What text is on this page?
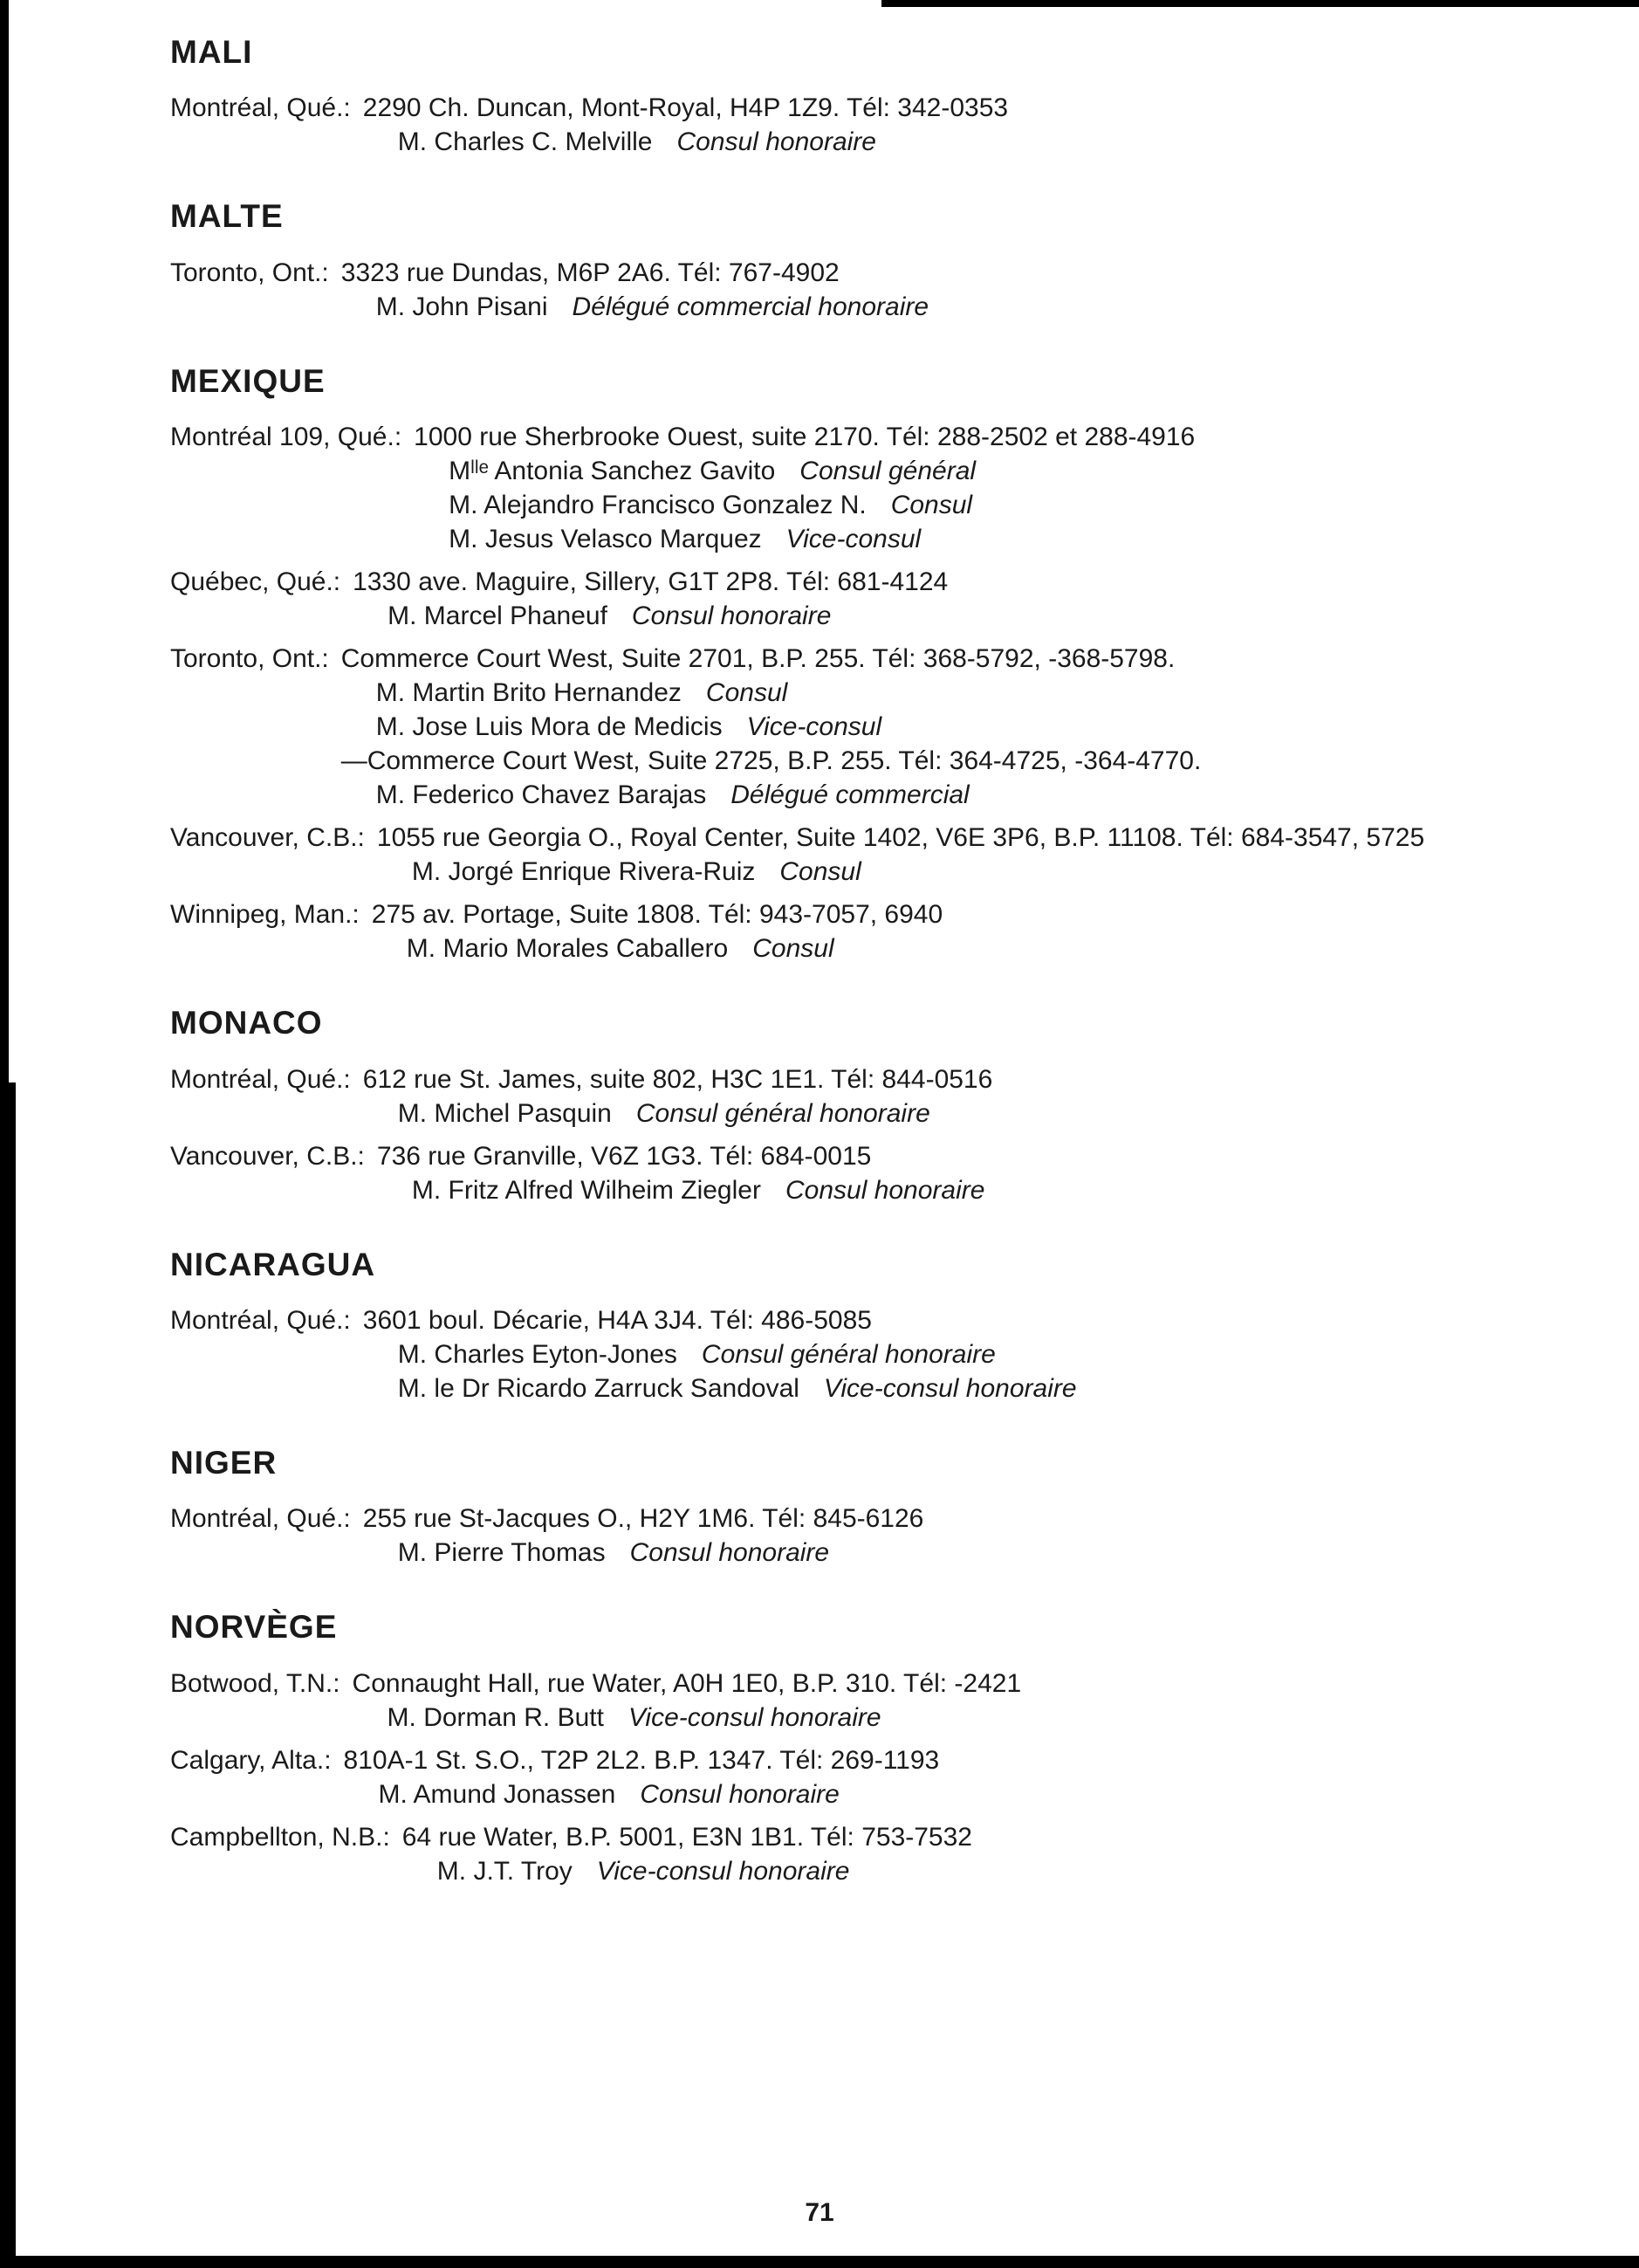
MALI
Montréal, Qué.: 2290 Ch. Duncan, Mont-Royal, H4P 1Z9. Tél: 342-0353
M. Charles C. Melville Consul honoraire
MALTE
Toronto, Ont.: 3323 rue Dundas, M6P 2A6. Tél: 767-4902
M. John Pisani Délégué commercial honoraire
MEXIQUE
Montréal 109, Qué.: 1000 rue Sherbrooke Ouest, suite 2170. Tél: 288-2502 et 288-4916
Mˡˡᵉ Antonia Sanchez Gavito Consul général
M. Alejandro Francisco Gonzalez N. Consul
M. Jesus Velasco Marquez Vice-consul
Québec, Qué.: 1330 ave. Maguire, Sillery, G1T 2P8. Tél: 681-4124
M. Marcel Phaneuf Consul honoraire
Toronto, Ont.: Commerce Court West, Suite 2701, B.P. 255. Tél: 368-5792, -368-5798.
M. Martin Brito Hernandez Consul
M. Jose Luis Mora de Medicis Vice-consul
—Commerce Court West, Suite 2725, B.P. 255. Tél: 364-4725, -364-4770.
M. Federico Chavez Barajas Délégué commercial
Vancouver, C.B.: 1055 rue Georgia O., Royal Center, Suite 1402, V6E 3P6, B.P. 11108. Tél: 684-3547, 5725
M. Jorgé Enrique Rivera-Ruiz Consul
Winnipeg, Man.: 275 av. Portage, Suite 1808. Tél: 943-7057, 6940
M. Mario Morales Caballero Consul
MONACO
Montréal, Qué.: 612 rue St. James, suite 802, H3C 1E1. Tél: 844-0516
M. Michel Pasquin Consul général honoraire
Vancouver, C.B.: 736 rue Granville, V6Z 1G3. Tél: 684-0015
M. Fritz Alfred Wilheim Ziegler Consul honoraire
NICARAGUA
Montréal, Qué.: 3601 boul. Décarie, H4A 3J4. Tél: 486-5085
M. Charles Eyton-Jones Consul général honoraire
M. le Dr Ricardo Zarruck Sandoval Vice-consul honoraire
NIGER
Montréal, Qué.: 255 rue St-Jacques O., H2Y 1M6. Tél: 845-6126
M. Pierre Thomas Consul honoraire
NORVÈGE
Botwood, T.N.: Connaught Hall, rue Water, A0H 1E0, B.P. 310. Tél: -2421
M. Dorman R. Butt Vice-consul honoraire
Calgary, Alta.: 810A-1 St. S.O., T2P 2L2. B.P. 1347. Tél: 269-1193
M. Amund Jonassen Consul honoraire
Campbellton, N.B.: 64 rue Water, B.P. 5001, E3N 1B1. Tél: 753-7532
M. J.T. Troy Vice-consul honoraire
71
